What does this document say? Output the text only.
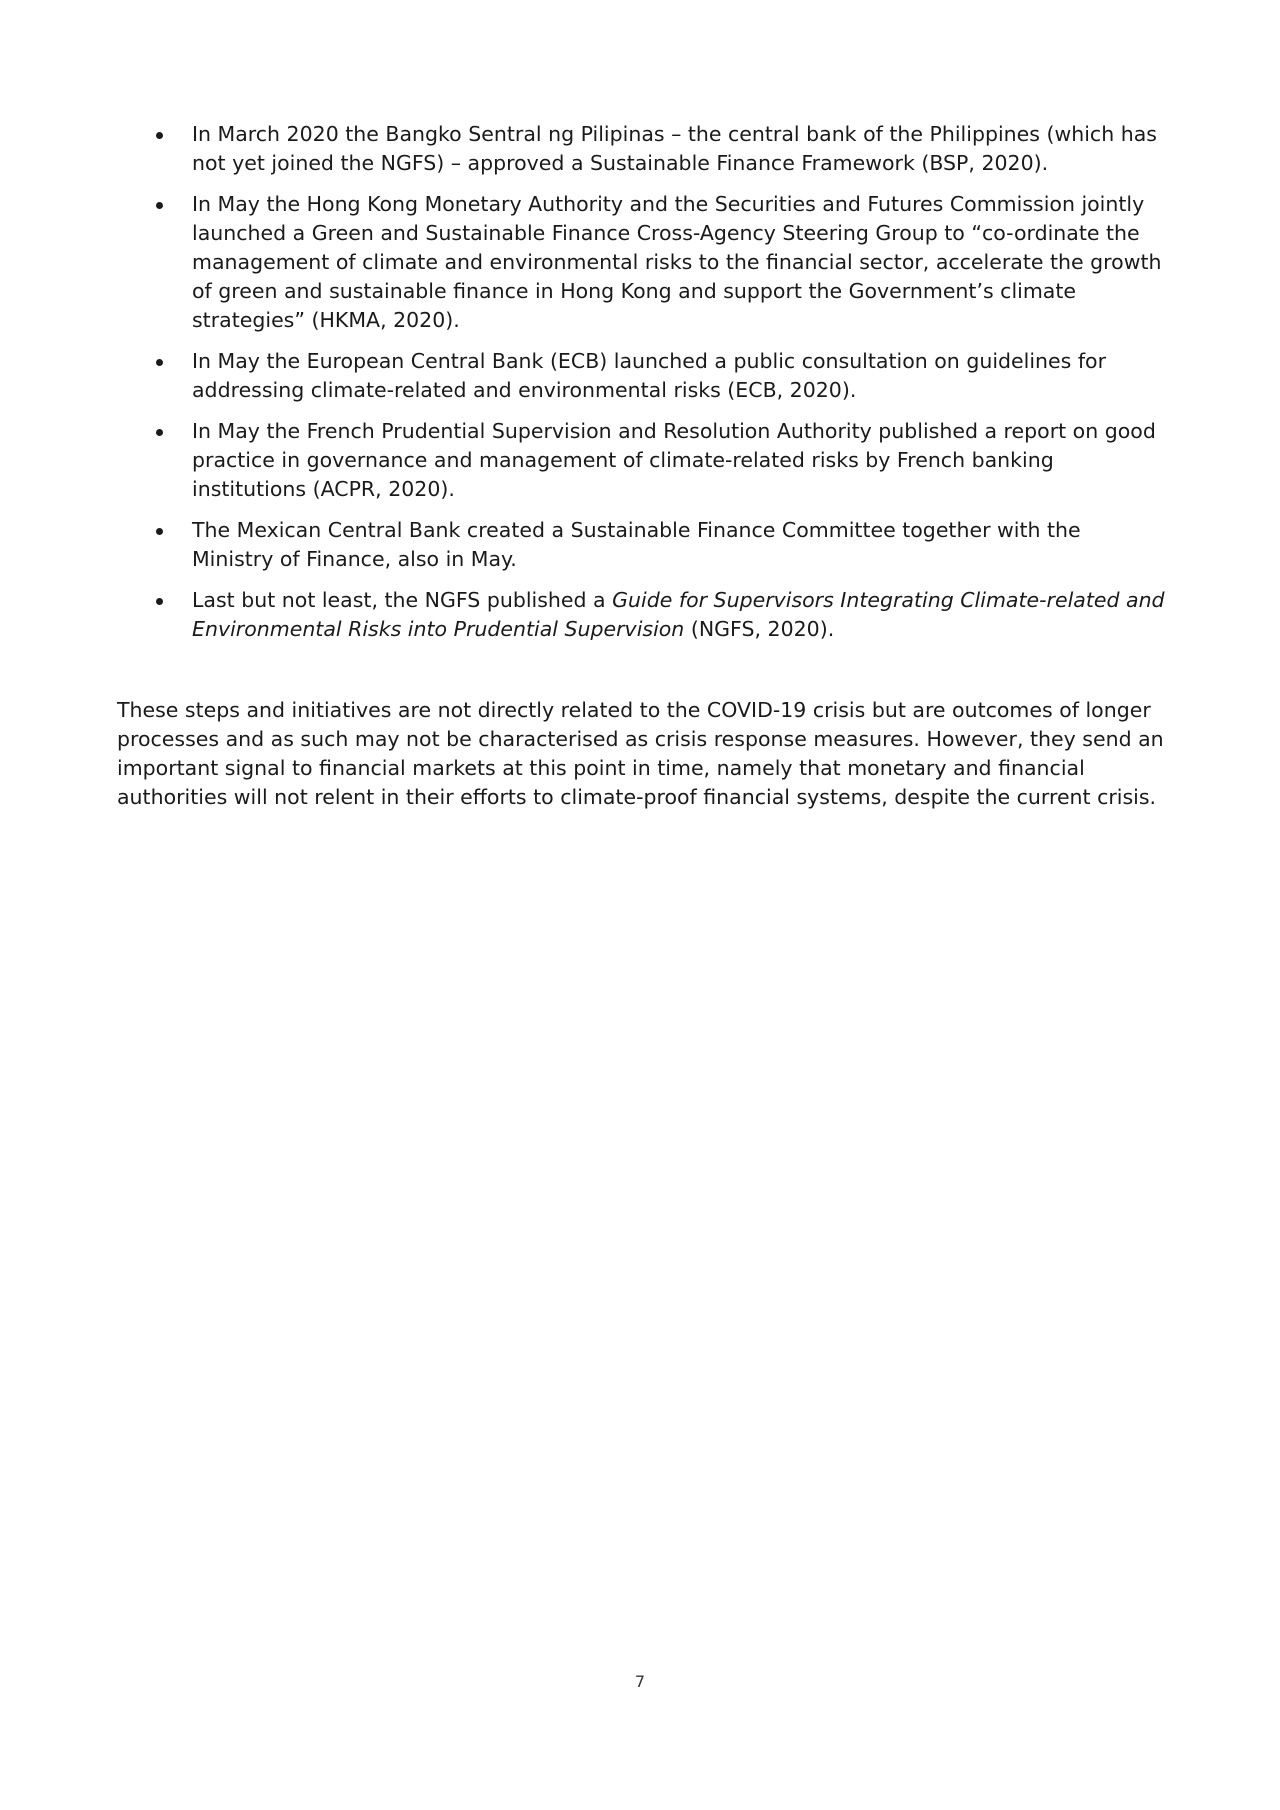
In March 2020 the Bangko Sentral ng Pilipinas – the central bank of the Philippines (which has not yet joined the NGFS) – approved a Sustainable Finance Framework (BSP, 2020).
In May the Hong Kong Monetary Authority and the Securities and Futures Commission jointly launched a Green and Sustainable Finance Cross-Agency Steering Group to “co-ordinate the management of climate and environmental risks to the financial sector, accelerate the growth of green and sustainable finance in Hong Kong and support the Government’s climate strategies” (HKMA, 2020).
In May the European Central Bank (ECB) launched a public consultation on guidelines for addressing climate-related and environmental risks (ECB, 2020).
In May the French Prudential Supervision and Resolution Authority published a report on good practice in governance and management of climate-related risks by French banking institutions (ACPR, 2020).
The Mexican Central Bank created a Sustainable Finance Committee together with the Ministry of Finance, also in May.
Last but not least, the NGFS published a Guide for Supervisors Integrating Climate-related and Environmental Risks into Prudential Supervision (NGFS, 2020).

These steps and initiatives are not directly related to the COVID-19 crisis but are outcomes of longer processes and as such may not be characterised as crisis response measures. However, they send an important signal to financial markets at this point in time, namely that monetary and financial authorities will not relent in their efforts to climate-proof financial systems, despite the current crisis.

7
